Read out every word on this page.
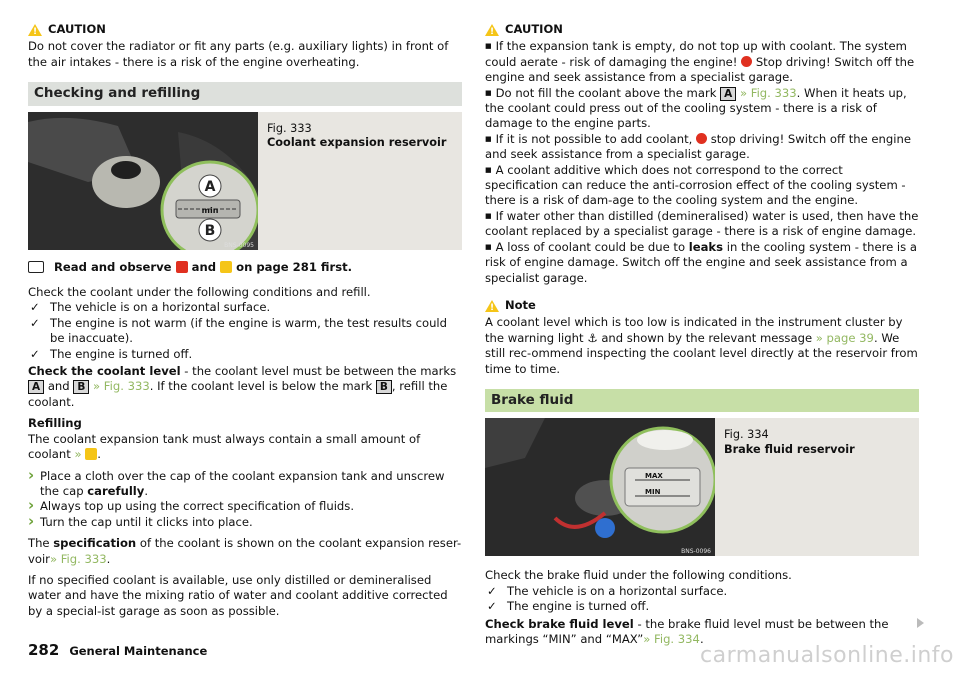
!
CAUTION

Do not cover the radiator or fit any parts (e.g. auxiliary lights) in front of the air intakes - there is a risk of the engine overheating.

Checking and refilling
A
B
min
BNS-0095
Fig. 333
Coolant expansion reservoir

Read and observe and on page 281 first.

Check the coolant under the following conditions and refill.

✓ The vehicle is on a horizontal surface.
✓ The engine is not warm (if the engine is warm, the test results could be inaccuate).
✓ The engine is turned off.

Check the coolant level - the coolant level must be between the marks A and B » Fig. 333. If the coolant level is below the mark B , refill the coolant.

Refilling

The coolant expansion tank must always contain a small amount of coolant » .

› Place a cloth over the cap of the coolant expansion tank and unscrew the cap carefully.

› Always top up using the correct specification of fluids.

› Turn the cap until it clicks into place.

The specification of the coolant is shown on the coolant expansion reser-voir» Fig. 333.

If no specified coolant is available, use only distilled or demineralised water and have the mixing ratio of water and coolant additive corrected by a special-ist garage as soon as possible.

!
CAUTION

■ If the expansion tank is empty, do not top up with coolant. The system could aerate - risk of damaging the engine! Stop driving! Switch off the engine and seek assistance from a specialist garage.

■ Do not fill the coolant above the mark A » Fig. 333. When it heats up, the coolant could press out of the cooling system - there is a risk of damage to the engine parts.

■ If it is not possible to add coolant, stop driving! Switch off the engine and seek assistance from a specialist garage.

■ A coolant additive which does not correspond to the correct specification can reduce the anti-corrosion effect of the cooling system - there is a risk of dam-age to the cooling system and the engine.

■ If water other than distilled (demineralised) water is used, then have the coolant replaced by a specialist garage - there is a risk of engine damage.

■ A loss of coolant could be due to leaks in the cooling system - there is a risk of engine damage. Switch off the engine and seek assistance from a specialist garage.

!
Note

A coolant level which is too low is indicated in the instrument cluster by the warning light ⚓ and shown by the relevant message » page 39. We still rec-ommend inspecting the coolant level directly at the reservoir from time to time.

Brake fluid
MAX
MIN
BNS-0096
Fig. 334
Brake fluid reservoir

Check the brake fluid under the following conditions.

✓ The vehicle is on a horizontal surface.
✓ The engine is turned off.

Check brake fluid level - the brake fluid level must be between the markings “MIN” and “MAX”» Fig. 334.

282 General Maintenance	carmanualsonline.info
